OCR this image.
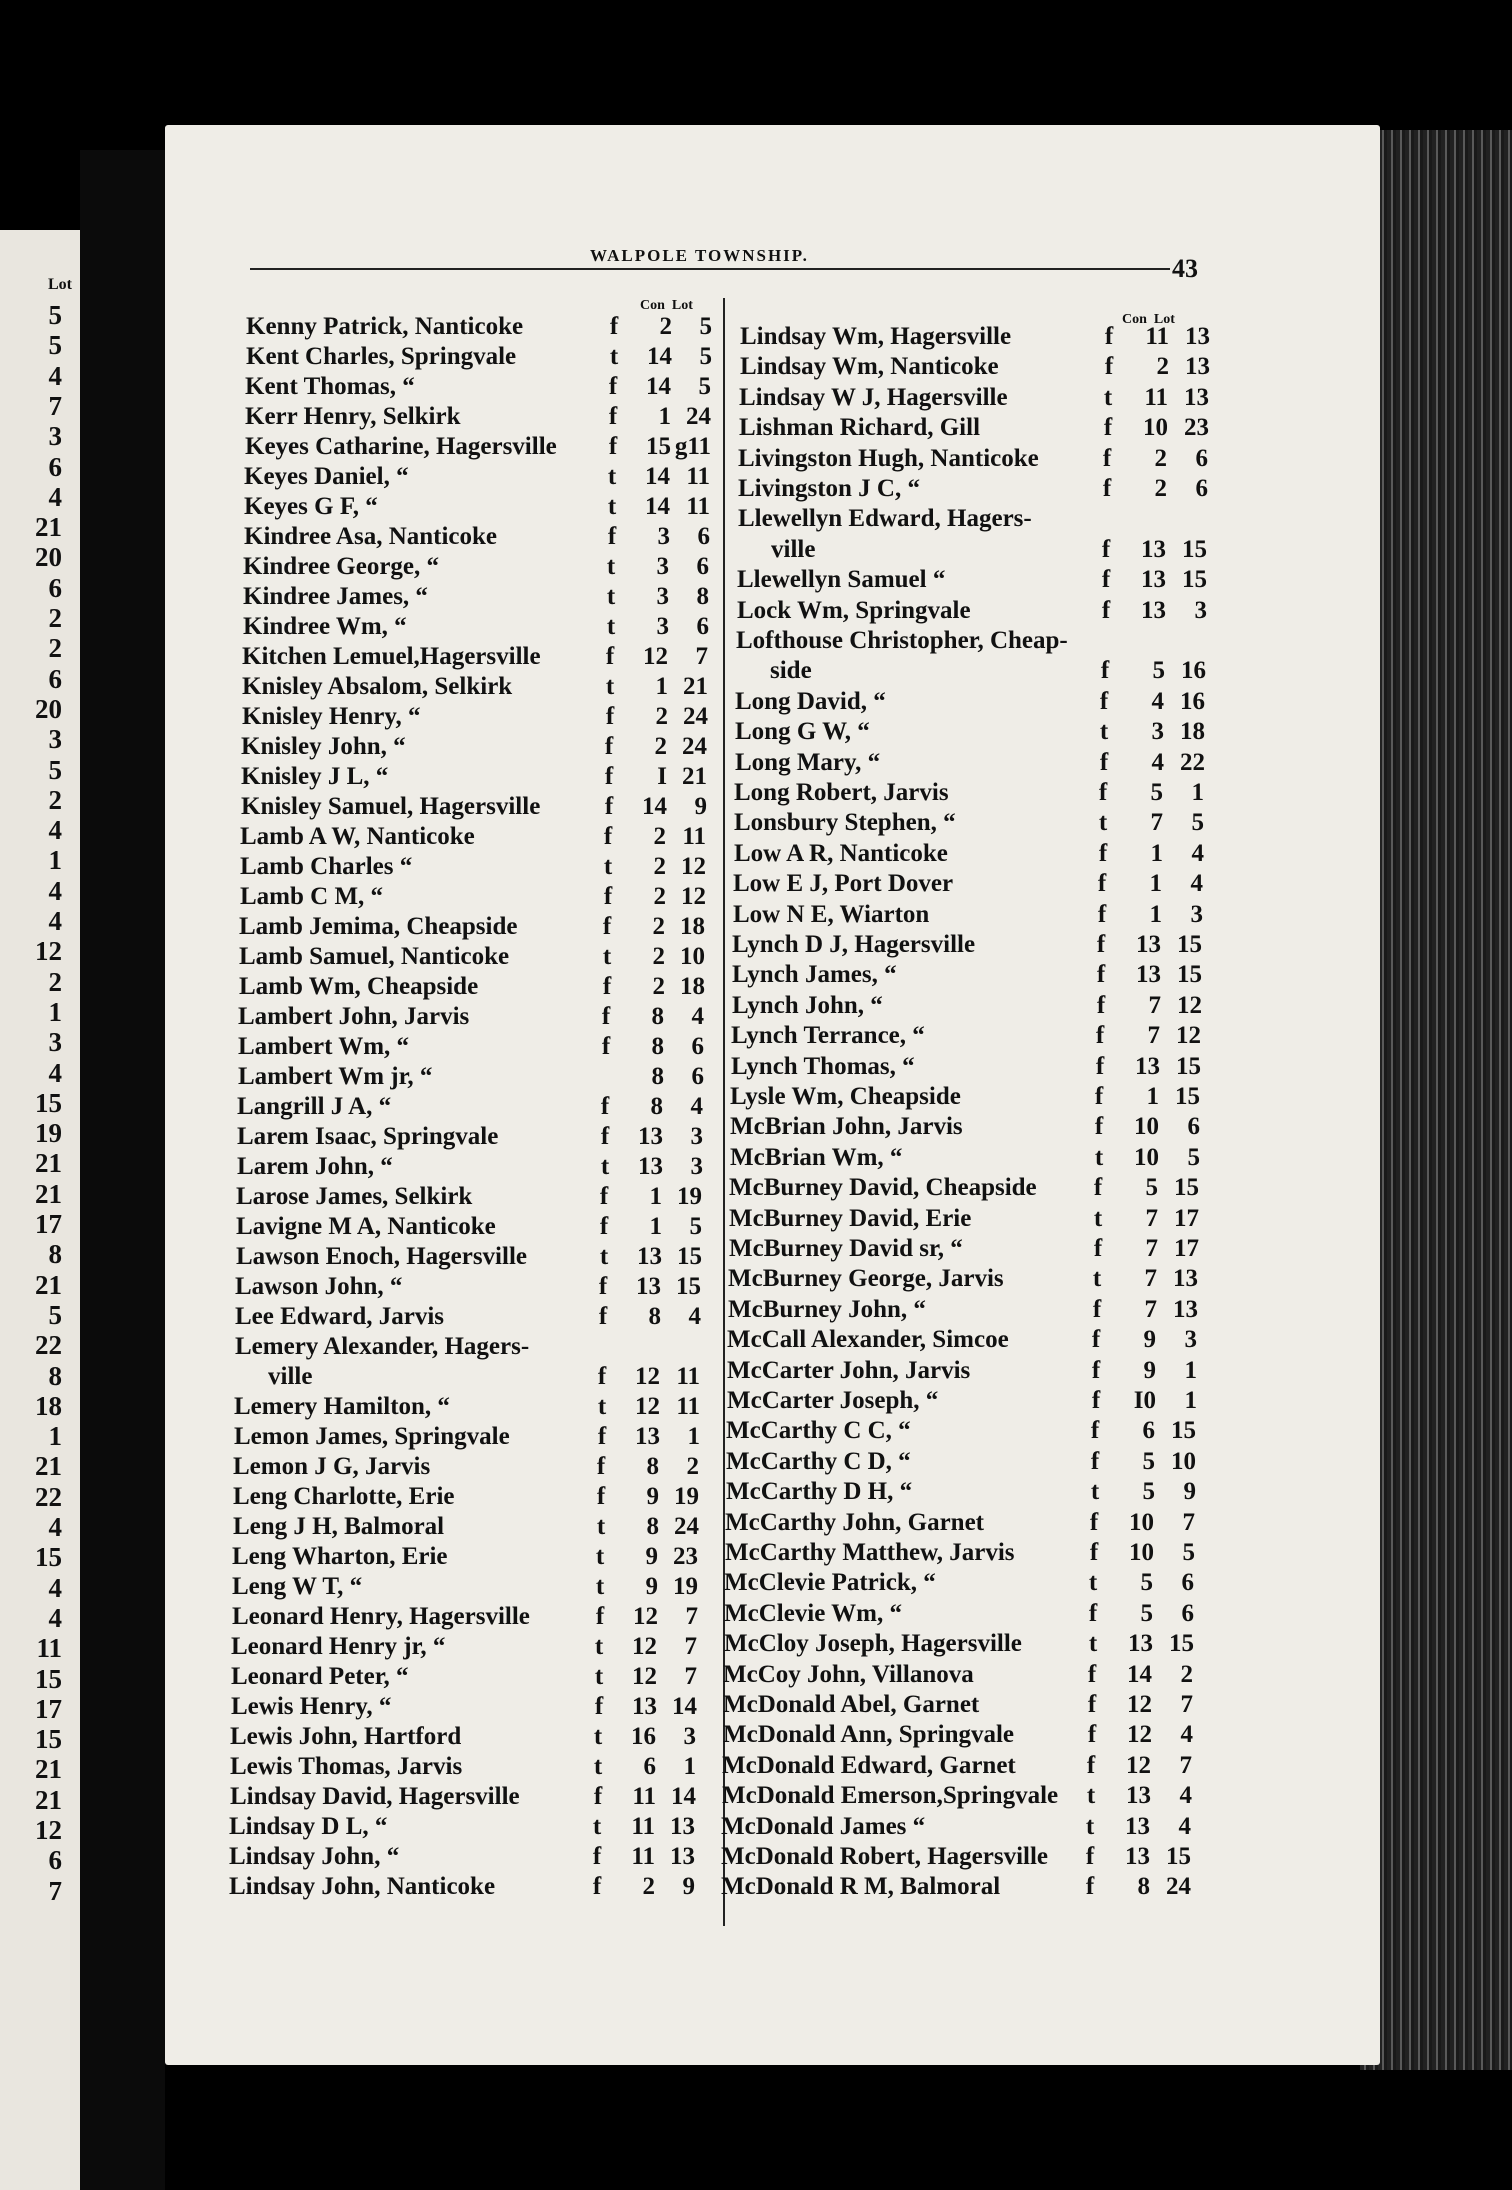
Lot
5
5
4
7
3
6
4
21
20
6
2
2
6
20
3
5
2
4
1
4
4
12
2
1
3
4
15
19
21
21
17
8
21
5
22
8
18
1
21
22
4
15
4
4
11
15
17
15
21
21
12
6
7
WALPOLE TOWNSHIP.	43
Con Lot
Con Lot
Kenny Patrick, Nanticoke	f	2	5
Kent Charles, Springvale	t	14	5
Kent Thomas, “	f	14	5
Kerr Henry, Selkirk	f	1 24
Keyes Catharine, Hagersville f	15 g11
Keyes Daniel, “	t	14 11
Keyes G F, “	t	14 11
Kindree Asa, Nanticoke	f	3	6
Kindree George, “	t	3	6
Kindree James, “	t	3	8
Kindree Wm, “	t	3	6
Kitchen Lemuel,Hagersville	f	12	7
Knisley Absalom, Selkirk	t	1 21
Knisley Henry, “	f	2 24
Knisley John, “	f	2 24
Knisley J L, “	f	I 21
Knisley Samuel, Hagersville	f	14	9
Lamb A W, Nanticoke	f	2 11
Lamb Charles “	t	2 12
Lamb C M, “	f	2 12
Lamb Jemima, Cheapside	f	2 18
Lamb Samuel, Nanticoke	t	2 10
Lamb Wm, Cheapside	f	2 18
Lambert John, Jarvis	f	8	4
Lambert Wm, “	f	8	6
Lambert Wm jr, “	8	6
Langrill J A, “	f	8	4
Larem Isaac, Springvale	f	13	3
Larem John, “	t	13	3
Larose James, Selkirk	f	1 19
Lavigne M A, Nanticoke	f	1	5
Lawson Enoch, Hagersville	t	13 15
Lawson John, “	f	13 15
Lee Edward, Jarvis	f	8	4
Lemery Alexander, Hagers-
ville	f	12 11
Lemery Hamilton, “	t	12 11
Lemon James, Springvale	f	13	1
Lemon J G, Jarvis	f	8	2
Leng Charlotte, Erie	f	9 19
Leng J H, Balmoral	t	8 24
Leng Wharton, Erie	t	9 23
Leng W T, “	t	9 19
Leonard Henry, Hagersville	f	12	7
Leonard Henry jr, “	t	12	7
Leonard Peter, “	t	12	7
Lewis Henry, “	f	13 14
Lewis John, Hartford	t	16	3
Lewis Thomas, Jarvis	t	6	1
Lindsay David, Hagersville	f	11 14
Lindsay D L, “	t	11 13
Lindsay John, “	f	11 13
Lindsay John, Nanticoke	f	2	9
Lindsay Wm, Hagersville	f	11 13
Lindsay Wm, Nanticoke	f	2 13
Lindsay W J, Hagersville	t	11 13
Lishman Richard, Gill	f	10 23
Livingston Hugh, Nanticoke	f	2	6
Livingston J C, “	f	2	6
Llewellyn Edward, Hagers-
ville	f	13 15
Llewellyn Samuel “	f	13 15
Lock Wm, Springvale	f	13	3
Lofthouse Christopher, Cheap-
side	f	5 16
Long David, “	f	4 16
Long G W, “	t	3 18
Long Mary, “	f	4 22
Long Robert, Jarvis	f	5	1
Lonsbury Stephen, “	t	7	5
Low A R, Nanticoke	f	1	4
Low E J, Port Dover	f	1	4
Low N E, Wiarton	f	1	3
Lynch D J, Hagersville	f	13 15
Lynch James, “	f	13 15
Lynch John, “	f	7 12
Lynch Terrance, “	f	7 12
Lynch Thomas, “	f	13 15
Lysle Wm, Cheapside	f	1 15
McBrian John, Jarvis	f	10	6
McBrian Wm, “	t	10	5
McBurney David, Cheapside f	5 15
McBurney David, Erie	t	7 17
McBurney David sr, “	f	7 17
McBurney George, Jarvis	t	7 13
McBurney John, “	f	7 13
McCall Alexander, Simcoe	f	9	3
McCarter John, Jarvis	f	9	1
McCarter Joseph, “	f	I0	1
McCarthy C C, “	f	6 15
McCarthy C D, “	f	5 10
McCarthy D H, “	t	5	9
McCarthy John, Garnet	f	10	7
McCarthy Matthew, Jarvis	f	10	5
McClevie Patrick, “	t	5	6
McClevie Wm, “	f	5	6
McCloy Joseph, Hagersville	t	13 15
McCoy John, Villanova	f	14	2
McDonald Abel, Garnet	f	12	7
McDonald Ann, Springvale	f	12	4
McDonald Edward, Garnet	f	12	7
McDonald Emerson,Springvale t	13	4
McDonald James “	t	13	4
McDonald Robert, Hagersville f	13 15
McDonald R M, Balmoral	f	8 24
